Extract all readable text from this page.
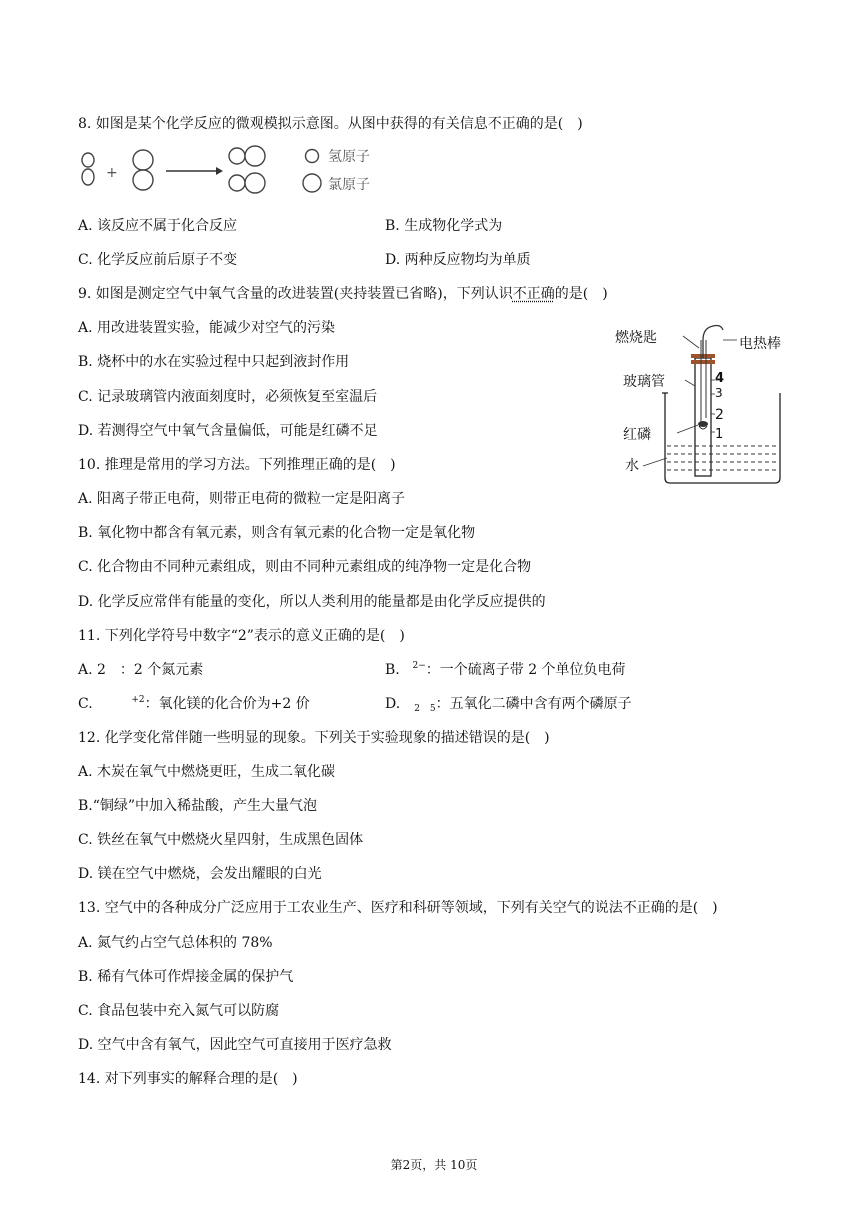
8. 如图是某个化学反应的微观模拟示意图。从图中获得的有关信息不正确的是(　)
+
氢原子
氯原子
A. 该反应不属于化合反应	B. 生成物化学式为
C. 化学反应前后原子不变	D. 两种反应物均为单质
9. 如图是测定空气中氧气含量的改进装置(夹持装置已省略)，下列认识不正确的是(　)
A. 用改进装置实验，能减少对空气的污染
B. 烧杯中的水在实验过程中只起到液封作用
C. 记录玻璃管内液面刻度时，必须恢复至室温后
D. 若测得空气中氧气含量偏低，可能是红磷不足
燃烧匙	电热棒
玻璃管
红磷
水
4
3
2
1
10. 推理是常用的学习方法。下列推理正确的是(　)
A. 阳离子带正电荷，则带正电荷的微粒一定是阳离子
B. 氧化物中都含有氧元素，则含有氧元素的化合物一定是氧化物
C. 化合物由不同种元素组成，则由不同种元素组成的纯净物一定是化合物
D. 化学反应常伴有能量的变化，所以人类利用的能量都是由化学反应提供的
11. 下列化学符号中数字“2”表示的意义正确的是(　)
A. 2　：2 个氮元素	B. $^{2-}$：一个硫离子带 2 个单位负电荷
C.	$^{+2}$：氧化镁的化合价为+2 价	D. $_2$ $_5$：五氧化二磷中含有两个磷原子
12. 化学变化常伴随一些明显的现象。下列关于实验现象的描述错误的是(　)
A. 木炭在氧气中燃烧更旺，生成二氧化碳
B.“铜绿”中加入稀盐酸，产生大量气泡
C. 铁丝在氧气中燃烧火星四射，生成黑色固体
D. 镁在空气中燃烧，会发出耀眼的白光
13. 空气中的各种成分广泛应用于工农业生产、医疗和科研等领域，下列有关空气的说法不正确的是(　)
A. 氮气约占空气总体积的 78%
B. 稀有气体可作焊接金属的保护气
C. 食品包装中充入氮气可以防腐
D. 空气中含有氧气，因此空气可直接用于医疗急救
14. 对下列事实的解释合理的是(　)
第2页，共 10页
